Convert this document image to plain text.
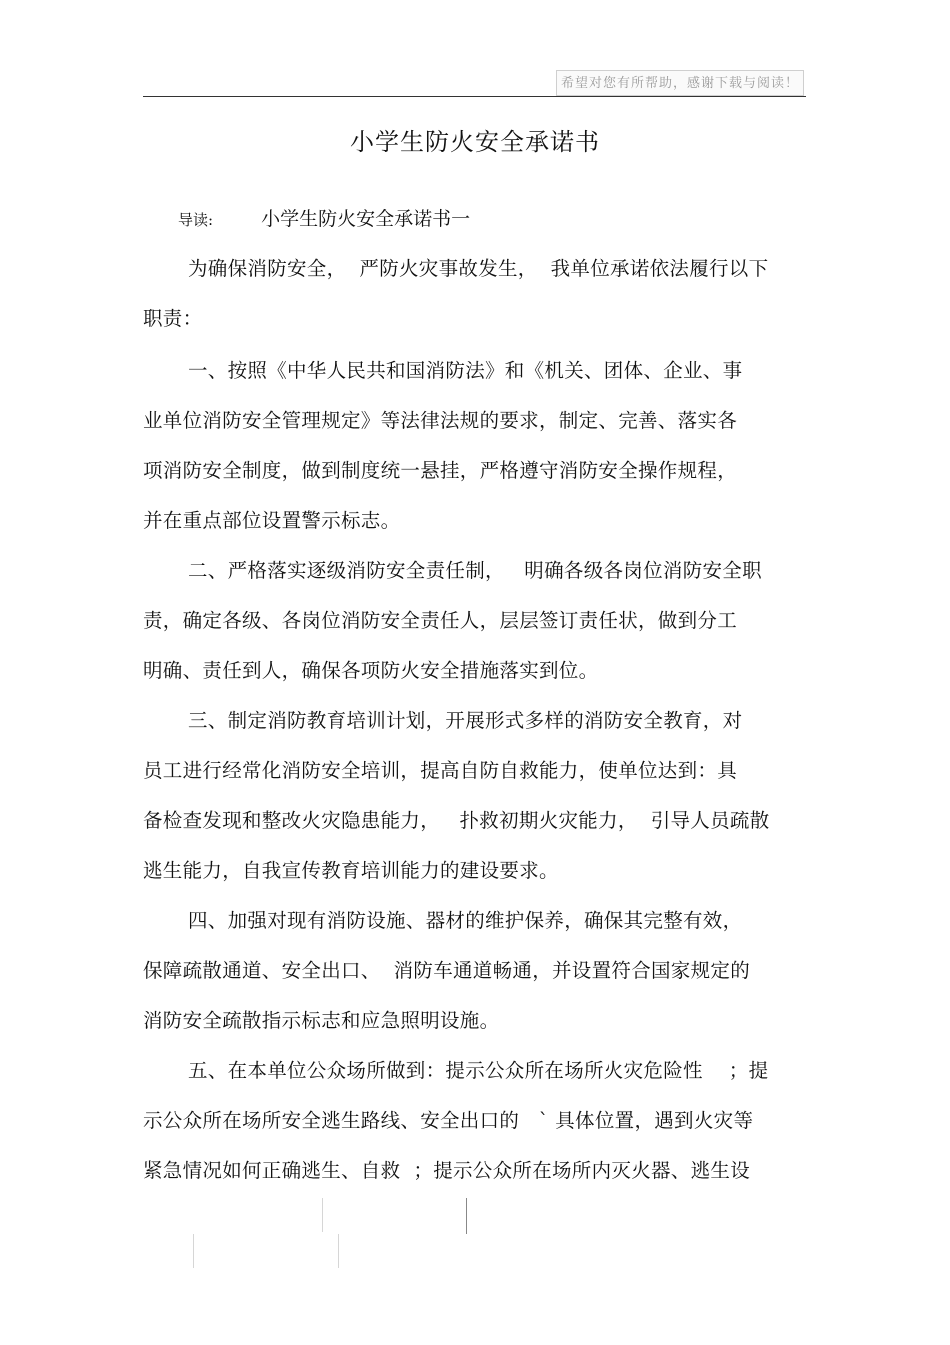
希望对您有所帮助，感谢下载与阅读！
小学生防火安全承诺书
导读:	小学生防火安全承诺书一
为确保消防安全，  严防火灾事故发生，  我单位承诺依法履行以下
职责：
一、按照《中华人民共和国消防法》和《机关、团体、企业、事
业单位消防安全管理规定》等法律法规的要求，制定、完善、落实各
项消防安全制度，做到制度统一悬挂，严格遵守消防安全操作规程，
并在重点部位设置警示标志。
二、严格落实逐级消防安全责任制，   明确各级各岗位消防安全职
责，确定各级、各岗位消防安全责任人，层层签订责任状，做到分工
明确、责任到人，确保各项防火安全措施落实到位。
三、制定消防教育培训计划，开展形式多样的消防安全教育，对
员工进行经常化消防安全培训，提高自防自救能力，使单位达到：具
备检查发现和整改火灾隐患能力，   扑救初期火灾能力，  引导人员疏散
逃生能力，自我宣传教育培训能力的建设要求。
四、加强对现有消防设施、器材的维护保养，确保其完整有效，
保障疏散通道、安全出口、  消防车通道畅通，并设置符合国家规定的
消防安全疏散指示标志和应急照明设施。
五、在本单位公众场所做到：提示公众所在场所火灾危险性    ；提
示公众所在场所安全逃生路线、安全出口的   ` 具体位置，遇到火灾等
紧急情况如何正确逃生、自救  ；提示公众所在场所内灭火器、逃生设
